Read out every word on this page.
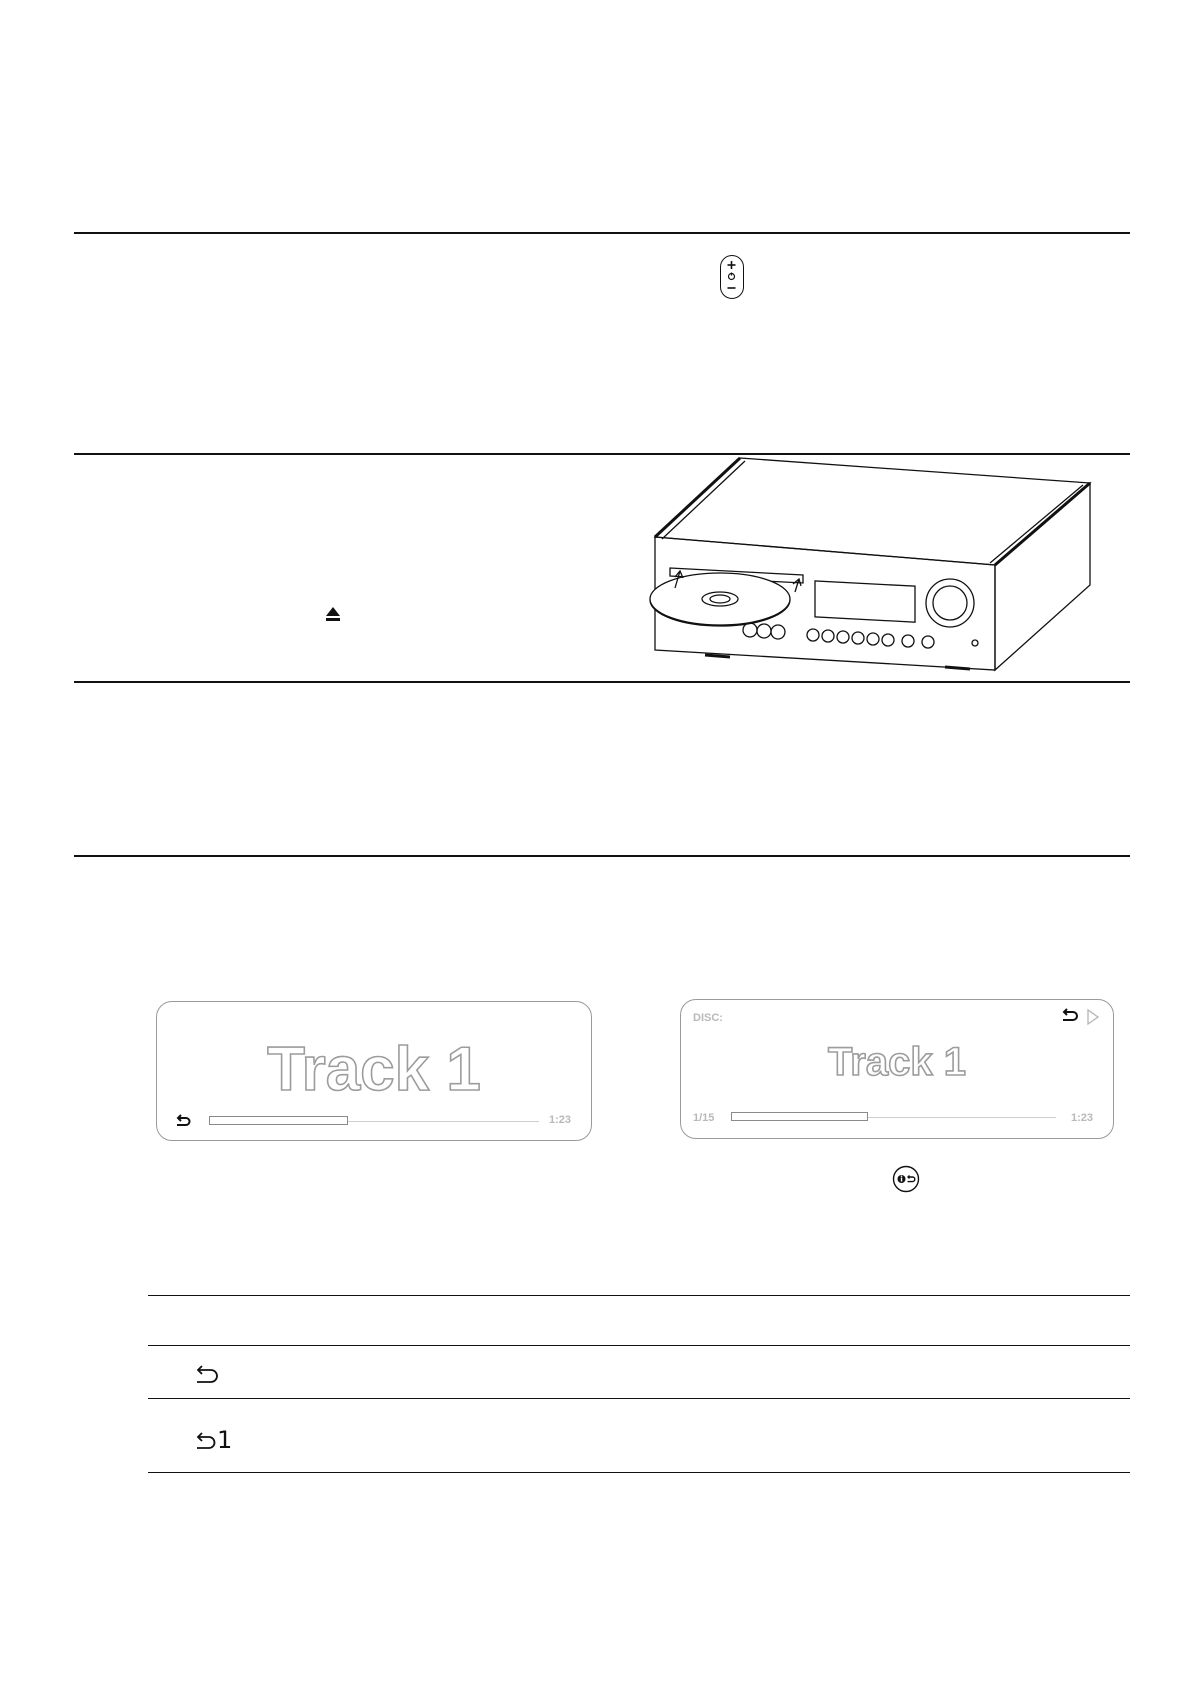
Track 1
1:23
DISC:
Track 1
1/15	1:23
1
